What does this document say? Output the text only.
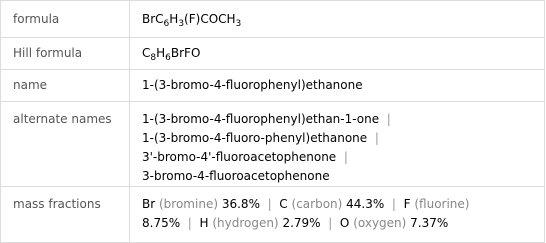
formula	$BrC_6H_3(F)COCH_3$
Hill formula	$C_8H_6BrFO$
name	1-(3-bromo-4-fluorophenyl)ethanone
alternate names	1-(3-bromo-4-fluorophenyl)ethan-1-one |
1-(3-bromo-4-fluoro-phenyl)ethanone |
3'-bromo-4'-fluoroacetophenone |
3-bromo-4-fluoroacetophenone
mass fractions	Br (bromine) 36.8% | C (carbon) 44.3% | F (fluorine)
8.75% | H (hydrogen) 2.79% | O (oxygen) 7.37%
